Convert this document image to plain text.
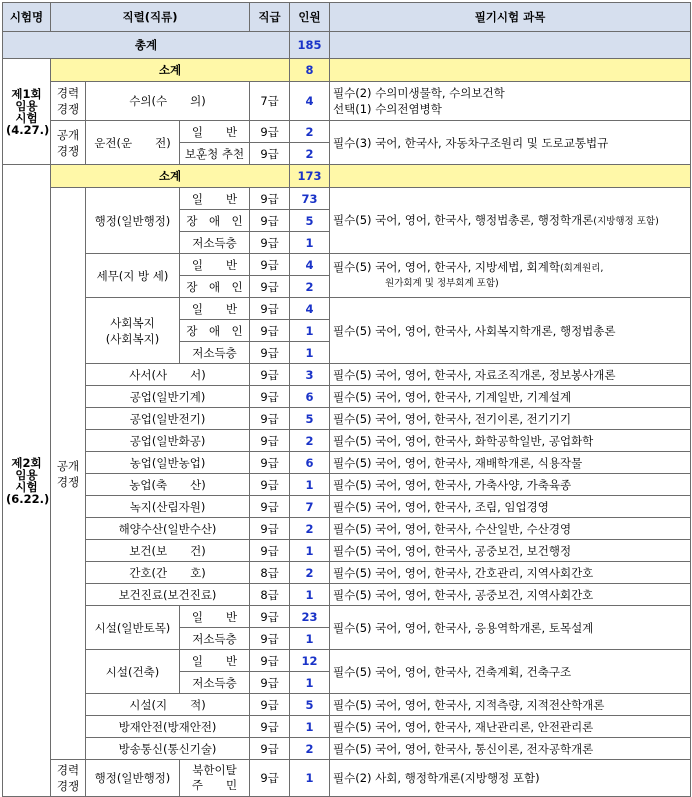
시험명	직렬(직류)			직급	인원	필기시험 과목
총계					185	

제1회
임용
시험
(4.27.)	소계				8	

	경력
경쟁	수의(수　　의)		7급	4	필수(2) 수의미생물학, 수의보건학
선택(1) 수의전염병학

	공개
경쟁	운전(운　　전)	일　　반	9급	2	필수(3) 국어, 한국사, 자동차구조원리 및 도로교통법규
			보훈청 추천	9급	2	

제2회
임용
시험
(6.22.)	소계				173	

	공개
경쟁	행정(일반행정)	일　　반	9급	73	필수(5) 국어, 영어, 한국사, 행정법총론, 행정학개론(지방행정 포함)
			장　애　인	9급	5	
			저소득층	9급	1	
		세무(지 방 세)	일　　반	9급	4	필수(5) 국어, 영어, 한국사, 지방세법, 회계학(회계원리,
원가회계 및 정부회계 포함)

			장　애　인	9급	2	

		사회복지
(사회복지)	일　　반	9급	4	필수(5) 국어, 영어, 한국사, 사회복지학개론, 행정법총론
			장　애　인	9급	1	
			저소득층	9급	1	
		사서(사　　서)		9급	3	필수(5) 국어, 영어, 한국사, 자료조직개론, 정보봉사개론
		공업(일반기계)		9급	6	필수(5) 국어, 영어, 한국사, 기계일반, 기계설계
		공업(일반전기)		9급	5	필수(5) 국어, 영어, 한국사, 전기이론, 전기기기
		공업(일반화공)		9급	2	필수(5) 국어, 영어, 한국사, 화학공학일반, 공업화학
		농업(일반농업)		9급	6	필수(5) 국어, 영어, 한국사, 재배학개론, 식용작물
		농업(축　　산)		9급	1	필수(5) 국어, 영어, 한국사, 가축사양, 가축육종
		녹지(산림자원)		9급	7	필수(5) 국어, 영어, 한국사, 조림, 임업경영
		해양수산(일반수산)		9급	2	필수(5) 국어, 영어, 한국사, 수산일반, 수산경영
		보건(보　　건)		9급	1	필수(5) 국어, 영어, 한국사, 공중보건, 보건행정
		간호(간　　호)		8급	2	필수(5) 국어, 영어, 한국사, 간호관리, 지역사회간호
		보건진료(보건진료)		8급	1	필수(5) 국어, 영어, 한국사, 공중보건, 지역사회간호
		시설(일반토목)	일　　반	9급	23	필수(5) 국어, 영어, 한국사, 응용역학개론, 토목설계
			저소득층	9급	1	
		시설(건축)	일　　반	9급	12	필수(5) 국어, 영어, 한국사, 건축계획, 건축구조
			저소득층	9급	1	
		시설(지　　적)		9급	5	필수(5) 국어, 영어, 한국사, 지적측량, 지적전산학개론
		방재안전(방재안전)		9급	1	필수(5) 국어, 영어, 한국사, 재난관리론, 안전관리론
		방송통신(통신기술)		9급	2	필수(5) 국어, 영어, 한국사, 통신이론, 전자공학개론

	경력
경쟁	행정(일반행정)	북한이탈
주　　민	9급	1	필수(2) 사회, 행정학개론(지방행정 포함)
